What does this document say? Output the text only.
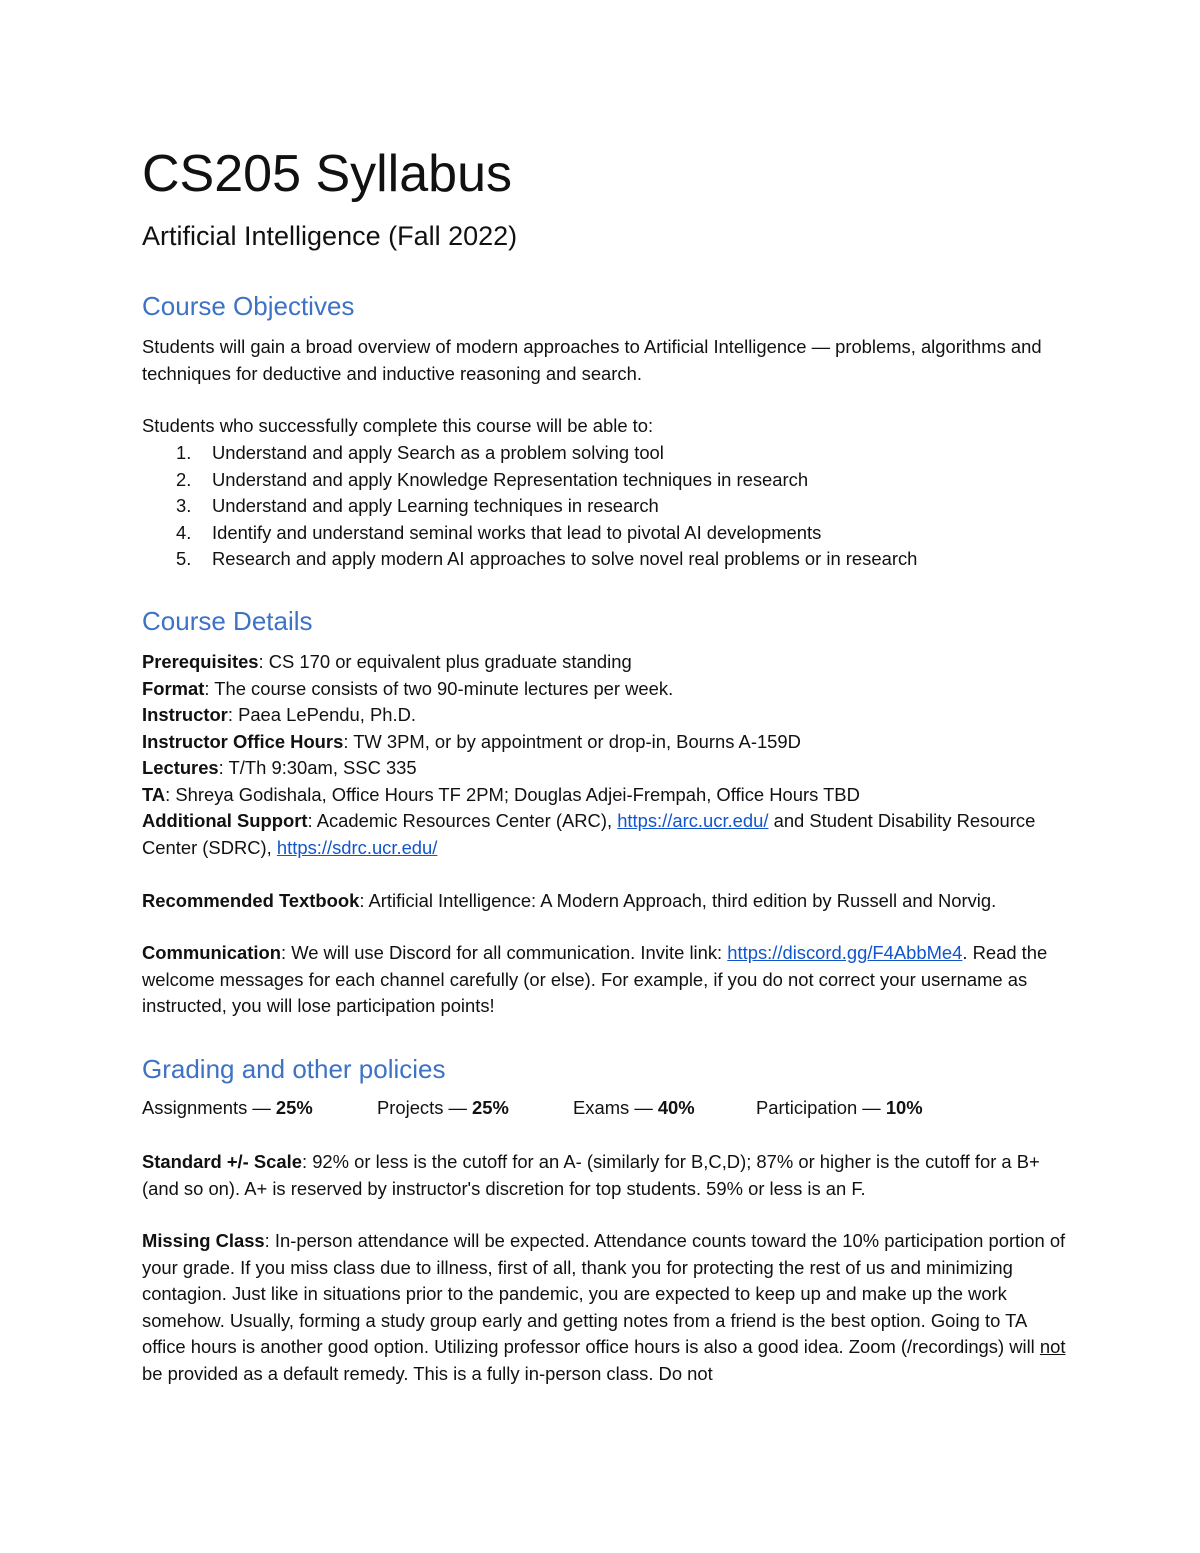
CS205 Syllabus
Artificial Intelligence (Fall 2022)
Course Objectives

Students will gain a broad overview of modern approaches to Artificial Intelligence — problems, algorithms and techniques for deductive and inductive reasoning and search.

Students who successfully complete this course will be able to:

1. Understand and apply Search as a problem solving tool
2. Understand and apply Knowledge Representation techniques in research
3. Understand and apply Learning techniques in research
4. Identify and understand seminal works that lead to pivotal AI developments
5. Research and apply modern AI approaches to solve novel real problems or in research
Course Details

Prerequisites: CS 170 or equivalent plus graduate standing
Format: The course consists of two 90-minute lectures per week.
Instructor: Paea LePendu, Ph.D.
Instructor Office Hours: TW 3PM, or by appointment or drop-in, Bourns A-159D
Lectures: T/Th 9:30am, SSC 335
TA: Shreya Godishala, Office Hours TF 2PM; Douglas Adjei-Frempah, Office Hours TBD
Additional Support: Academic Resources Center (ARC), https://arc.ucr.edu/ and Student Disability Resource Center (SDRC), https://sdrc.ucr.edu/

Recommended Textbook: Artificial Intelligence: A Modern Approach, third edition by Russell and Norvig.

Communication: We will use Discord for all communication. Invite link: https://discord.gg/F4AbbMe4. Read the welcome messages for each channel carefully (or else). For example, if you do not correct your username as instructed, you will lose participation points!

Grading and other policies
Assignments — 25%	Projects — 25%	Exams — 40%	Participation — 10%

Standard +/- Scale: 92% or less is the cutoff for an A- (similarly for B,C,D); 87% or higher is the cutoff for a B+ (and so on). A+ is reserved by instructor's discretion for top students. 59% or less is an F.

Missing Class: In-person attendance will be expected. Attendance counts toward the 10% participation portion of your grade. If you miss class due to illness, first of all, thank you for protecting the rest of us and minimizing contagion. Just like in situations prior to the pandemic, you are expected to keep up and make up the work somehow. Usually, forming a study group early and getting notes from a friend is the best option. Going to TA office hours is another good option. Utilizing professor office hours is also a good idea. Zoom (/recordings) will not be provided as a default remedy. This is a fully in-person class. Do not
